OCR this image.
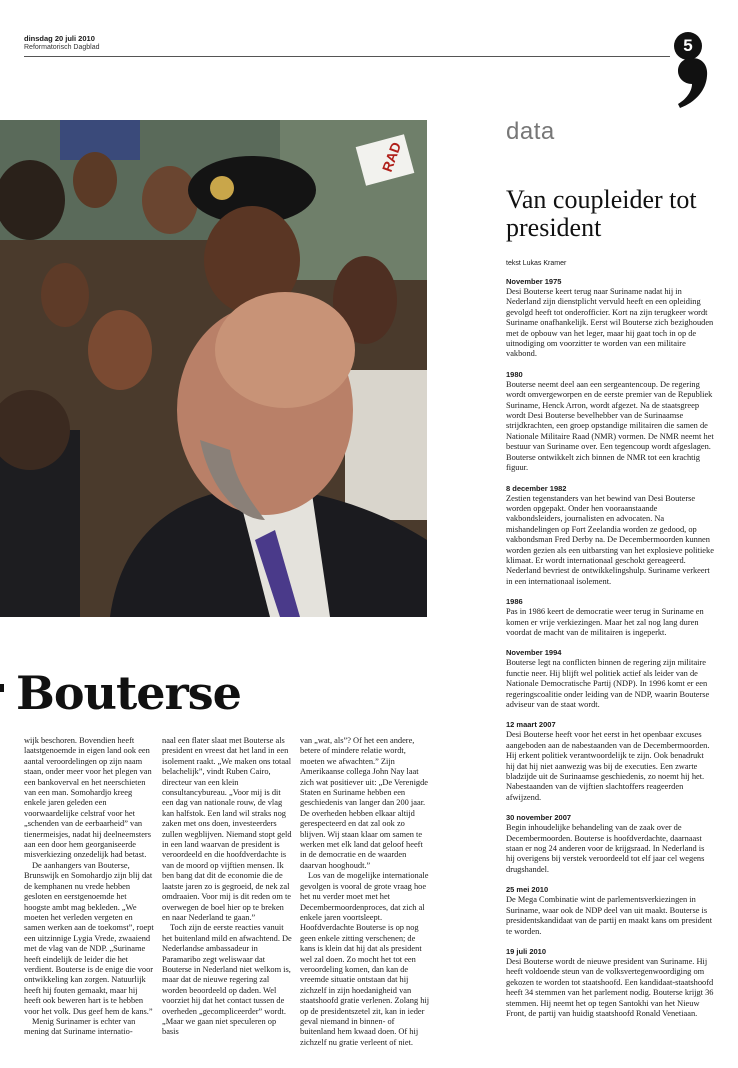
dinsdag 20 juli 2010
Reformatorisch Dagblad	5
RAD
Bouterse

wijk beschoren. Bovendien heeft laatstgenoemde in eigen land ook een aantal veroordelingen op zijn naam staan, onder meer voor het plegen van een bankoverval en het neerschieten van een man. Somohardjo kreeg enkele jaren geleden een voorwaardelijke celstraf voor het „schenden van de eerbaarheid” van tienermeisjes, nadat hij deelneemsters aan een door hem georganiseerde misverkiezing onzedelijk had betast.

De aanhangers van Bouterse, Brunswijk en Somohardjo zijn blij dat de kemphanen nu vrede hebben gesloten en eerstgenoemde het hoogste ambt mag bekleden. „We moeten het verleden vergeten en samen werken aan de toekomst”, roept een uitzinnige Lygia Vrede, zwaaiend met de vlag van de NDP. „Suriname heeft eindelijk de leider die het verdient. Bouterse is de enige die voor ontwikkeling kan zorgen. Natuurlijk heeft hij fouten gemaakt, maar hij heeft ook beweren hart is te hebben voor het volk. Dus geef hem de kans.”

Menig Surinamer is echter van mening dat Suriname internatio-

naal een flater slaat met Bouterse als president en vreest dat het land in een isolement raakt. „We maken ons totaal belachelijk”, vindt Ruben Cairo, directeur van een klein consultancybureau. „Voor mij is dit een dag van nationale rouw, de vlag kan halfstok. Een land wil straks nog zaken met ons doen, investeerders zullen wegblijven. Niemand stopt geld in een land waarvan de president is veroordeeld en die hoofdverdachte is van de moord op vijftien mensen. Ik ben bang dat dit de economie die de laatste jaren zo is gegroeid, de nek zal omdraaien. Voor mij is dit reden om te overwegen de boel hier op te breken en naar Nederland te gaan.”

Toch zijn de eerste reacties vanuit het buitenland mild en afwachtend. De Nederlandse ambassadeur in Paramaribo zegt weliswaar dat Bouterse in Nederland niet welkom is, maar dat de nieuwe regering zal worden beoordeeld op daden. Wel voorziet hij dat het contact tussen de overheden „gecompliceerder” wordt. „Maar we gaan niet speculeren op basis

van „wat, als”? Of het een andere, betere of mindere relatie wordt, moeten we afwachten.” Zijn Amerikaanse collega John Nay laat zich wat positiever uit: „De Verenigde Staten en Suriname hebben een geschiedenis van langer dan 200 jaar. De overheden hebben elkaar altijd gerespecteerd en dat zal ook zo blijven. Wij staan klaar om samen te werken met elk land dat geloof heeft in de democratie en de waarden daarvan hooghoudt.”

Los van de mogelijke internationale gevolgen is vooral de grote vraag hoe het nu verder moet met het Decembermoordenproces, dat zich al enkele jaren voortsleept. Hoofdverdachte Bouterse is op nog geen enkele zitting verschenen; de kans is klein dat hij dat als president wel zal doen. Zo mocht het tot een veroordeling komen, dan kan de vreemde situatie ontstaan dat hij zichzelf in zijn hoedanigheid van staatshoofd gratie verlenen. Zolang hij op de presidentszetel zit, kan in ieder geval niemand in binnen- of buitenland hem kwaad doen. Of hij zichzelf nu gratie verleent of niet.

data
Van coupleider tot president
tekst Lukas Kramer
November 1975
Desi Bouterse keert terug naar Suriname nadat hij in Nederland zijn dienstplicht vervuld heeft en een opleiding gevolgd heeft tot onderofficier. Kort na zijn terugkeer wordt Suriname onafhankelijk. Eerst wil Bouterse zich bezighouden met de opbouw van het leger, maar hij gaat toch in op de uitnodiging om voorzitter te worden van een militaire vakbond.
1980
Bouterse neemt deel aan een sergeantencoup. De regering wordt omvergeworpen en de eerste premier van de Republiek Suriname, Henck Arron, wordt afgezet. Na de staatsgreep wordt Desi Bouterse bevelhebber van de Surinaamse strijdkrachten, een groep opstandige militairen die samen de Nationale Militaire Raad (NMR) vormen. De NMR neemt het bestuur van Suriname over. Een tegencoup wordt afgeslagen. Bouterse ontwikkelt zich binnen de NMR tot een krachtig figuur.
8 december 1982
Zestien tegenstanders van het bewind van Desi Bouterse worden opgepakt. Onder hen vooraanstaande vakbondsleiders, journalisten en advocaten. Na mishandelingen op Fort Zeelandia worden ze gedood, op vakbondsman Fred Derby na. De Decembermoorden kunnen worden gezien als een uitbarsting van het explosieve politieke klimaat. Er wordt internationaal geschokt gereageerd. Nederland bevriest de ontwikkelingshulp. Suriname verkeert in een internationaal isolement.
1986
Pas in 1986 keert de democratie weer terug in Suriname en komen er vrije verkiezingen. Maar het zal nog lang duren voordat de macht van de militairen is ingeperkt.
November 1994
Bouterse legt na conflicten binnen de regering zijn militaire functie neer. Hij blijft wel politiek actief als leider van de Nationale Democratische Partij (NDP). In 1996 komt er een regeringscoalitie onder leiding van de NDP, waarin Bouterse adviseur van de staat wordt.
12 maart 2007
Desi Bouterse heeft voor het eerst in het openbaar excuses aangeboden aan de nabestaanden van de Decembermoorden. Hij erkent politiek verantwoordelijk te zijn. Ook benadrukt hij dat hij niet aanwezig was bij de executies. Een zwarte bladzijde uit de Surinaamse geschiedenis, zo noemt hij het. Nabestaanden van de vijftien slachtoffers reageerden afwijzend.
30 november 2007
Begin inhoudelijke behandeling van de zaak over de Decembermoorden. Bouterse is hoofdverdachte, daarnaast staan er nog 24 anderen voor de krijgsraad. In Nederland is hij overigens bij verstek veroordeeld tot elf jaar cel wegens drugshandel.
25 mei 2010
De Mega Combinatie wint de parlementsverkiezingen in Suriname, waar ook de NDP deel van uit maakt. Bouterse is presidentskandidaat van de partij en maakt kans om president te worden.
19 juli 2010
Desi Bouterse wordt de nieuwe president van Suriname. Hij heeft voldoende steun van de volksvertegenwoordiging om gekozen te worden tot staatshoofd. Een kandidaat-staatshoofd heeft 34 stemmen van het parlement nodig. Bouterse krijgt 36 stemmen. Hij neemt het op tegen Santokhi van het Nieuw Front, de partij van huidig staatshoofd Ronald Venetiaan.
